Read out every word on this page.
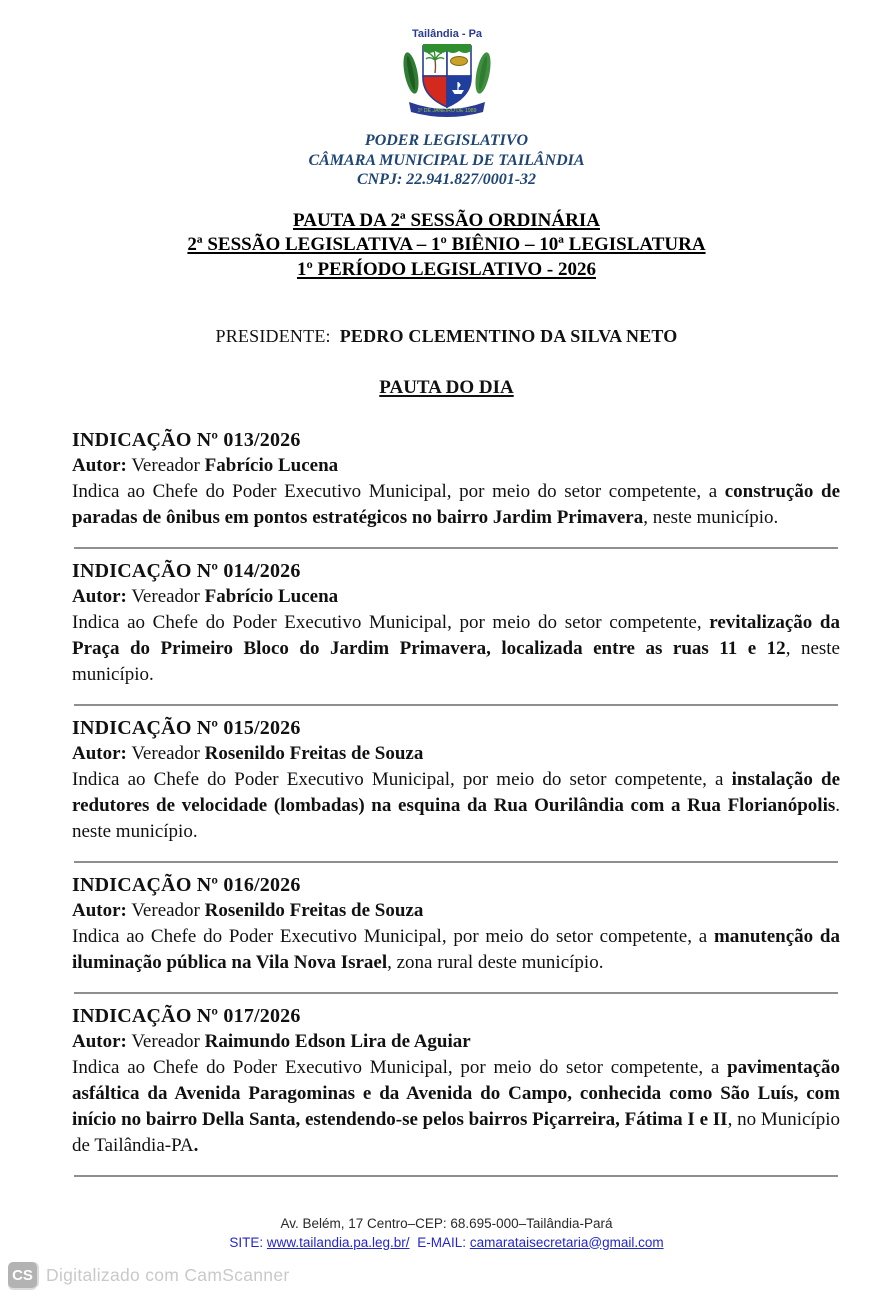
Tailândia - Pa
1º DE JANEIRO DE 1989
PODER LEGISLATIVO
CÂMARA MUNICIPAL DE TAILÂNDIA
CNPJ: 22.941.827/0001-32
PAUTA DA 2ª SESSÃO ORDINÁRIA
2ª SESSÃO LEGISLATIVA – 1º BIÊNIO – 10ª LEGISLATURA
1º PERÍODO LEGISLATIVO - 2026
PRESIDENTE: PEDRO CLEMENTINO DA SILVA NETO
PAUTA DO DIA
INDICAÇÃO Nº 013/2026

Autor: Vereador Fabrício Lucena

Indica ao Chefe do Poder Executivo Municipal, por meio do setor competente, a construção de paradas de ônibus em pontos estratégicos no bairro Jardim Primavera, neste município.

INDICAÇÃO Nº 014/2026

Autor: Vereador Fabrício Lucena

Indica ao Chefe do Poder Executivo Municipal, por meio do setor competente, revitalização da Praça do Primeiro Bloco do Jardim Primavera, localizada entre as ruas 11 e 12, neste município.

INDICAÇÃO Nº 015/2026

Autor: Vereador Rosenildo Freitas de Souza

Indica ao Chefe do Poder Executivo Municipal, por meio do setor competente, a instalação de redutores de velocidade (lombadas) na esquina da Rua Ourilândia com a Rua Florianópolis. neste município.

INDICAÇÃO Nº 016/2026

Autor: Vereador Rosenildo Freitas de Souza

Indica ao Chefe do Poder Executivo Municipal, por meio do setor competente, a manutenção da iluminação pública na Vila Nova Israel, zona rural deste município.

INDICAÇÃO Nº 017/2026

Autor: Vereador Raimundo Edson Lira de Aguiar

Indica ao Chefe do Poder Executivo Municipal, por meio do setor competente, a pavimentação asfáltica da Avenida Paragominas e da Avenida do Campo, conhecida como São Luís, com início no bairro Della Santa, estendendo-se pelos bairros Piçarreira, Fátima I e II, no Município de Tailândia-PA.

Av. Belém, 17 Centro–CEP: 68.695-000–Tailândia-Pará
SITE: www.tailandia.pa.leg.br/ E-MAIL: camarataisecretaria@gmail.com
CS Digitalizado com CamScanner
